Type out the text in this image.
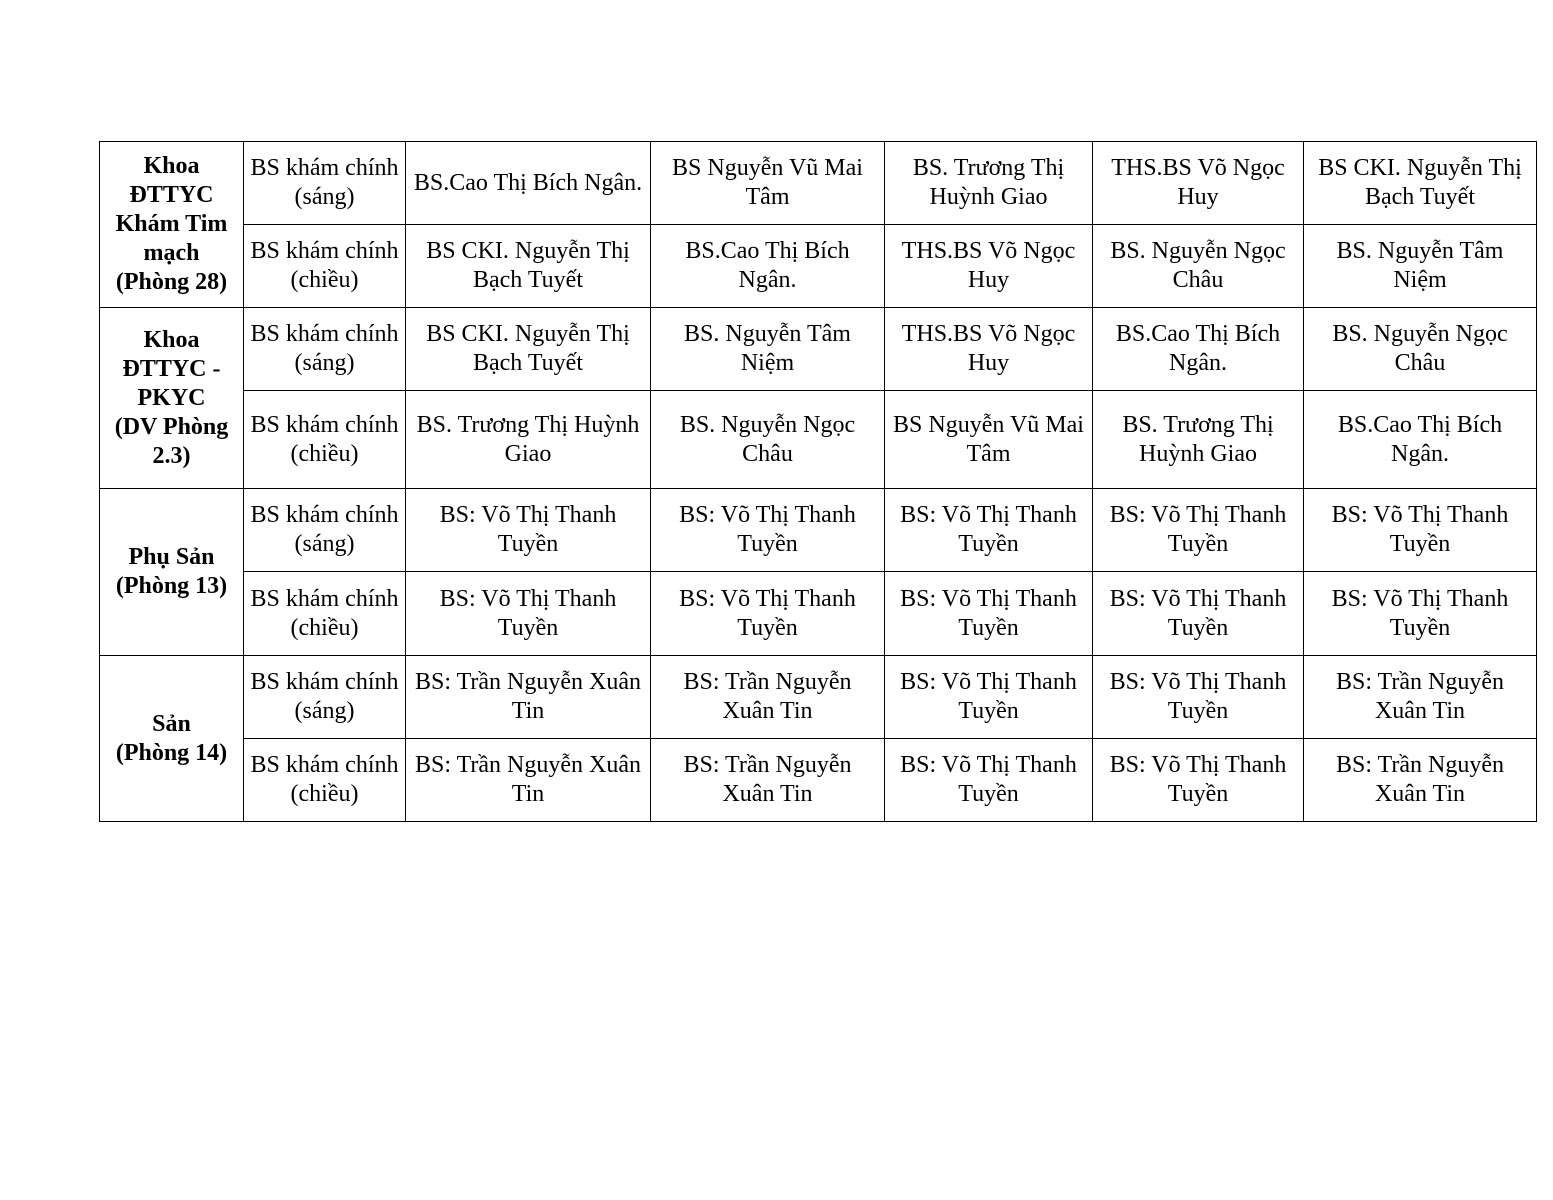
Khoa
ĐTTYC
Khám Tim
mạch
(Phòng 28)	BS khám chính (sáng)	BS.Cao Thị Bích Ngân.	BS Nguyễn Vũ Mai Tâm	BS. Trương Thị Huỳnh Giao	THS.BS Võ Ngọc Huy	BS CKI. Nguyễn Thị Bạch Tuyết
	BS khám chính (chiều)	BS CKI. Nguyễn Thị Bạch Tuyết	BS.Cao Thị Bích Ngân.	THS.BS Võ Ngọc Huy	BS. Nguyễn Ngọc Châu	BS. Nguyễn Tâm Niệm

Khoa
ĐTTYC -
PKYC
(DV Phòng
2.3)	BS khám chính (sáng)	BS CKI. Nguyễn Thị Bạch Tuyết	BS. Nguyễn Tâm Niệm	THS.BS Võ Ngọc Huy	BS.Cao Thị Bích Ngân.	BS. Nguyễn Ngọc Châu
	BS khám chính (chiều)	BS. Trương Thị Huỳnh Giao	BS. Nguyễn Ngọc Châu	BS Nguyễn Vũ Mai Tâm	BS. Trương Thị Huỳnh Giao	BS.Cao Thị Bích Ngân.

Phụ Sản
(Phòng 13)	BS khám chính (sáng)	BS: Võ Thị Thanh Tuyền	BS: Võ Thị Thanh Tuyền	BS: Võ Thị Thanh Tuyền	BS: Võ Thị Thanh Tuyền	BS: Võ Thị Thanh Tuyền
	BS khám chính (chiều)	BS: Võ Thị Thanh Tuyền	BS: Võ Thị Thanh Tuyền	BS: Võ Thị Thanh Tuyền	BS: Võ Thị Thanh Tuyền	BS: Võ Thị Thanh Tuyền

Sản
(Phòng 14)	BS khám chính (sáng)	BS: Trần Nguyễn Xuân Tin	BS: Trần Nguyễn Xuân Tin	BS: Võ Thị Thanh Tuyền	BS: Võ Thị Thanh Tuyền	BS: Trần Nguyễn Xuân Tin
	BS khám chính (chiều)	BS: Trần Nguyễn Xuân Tin	BS: Trần Nguyễn Xuân Tin	BS: Võ Thị Thanh Tuyền	BS: Võ Thị Thanh Tuyền	BS: Trần Nguyễn Xuân Tin
